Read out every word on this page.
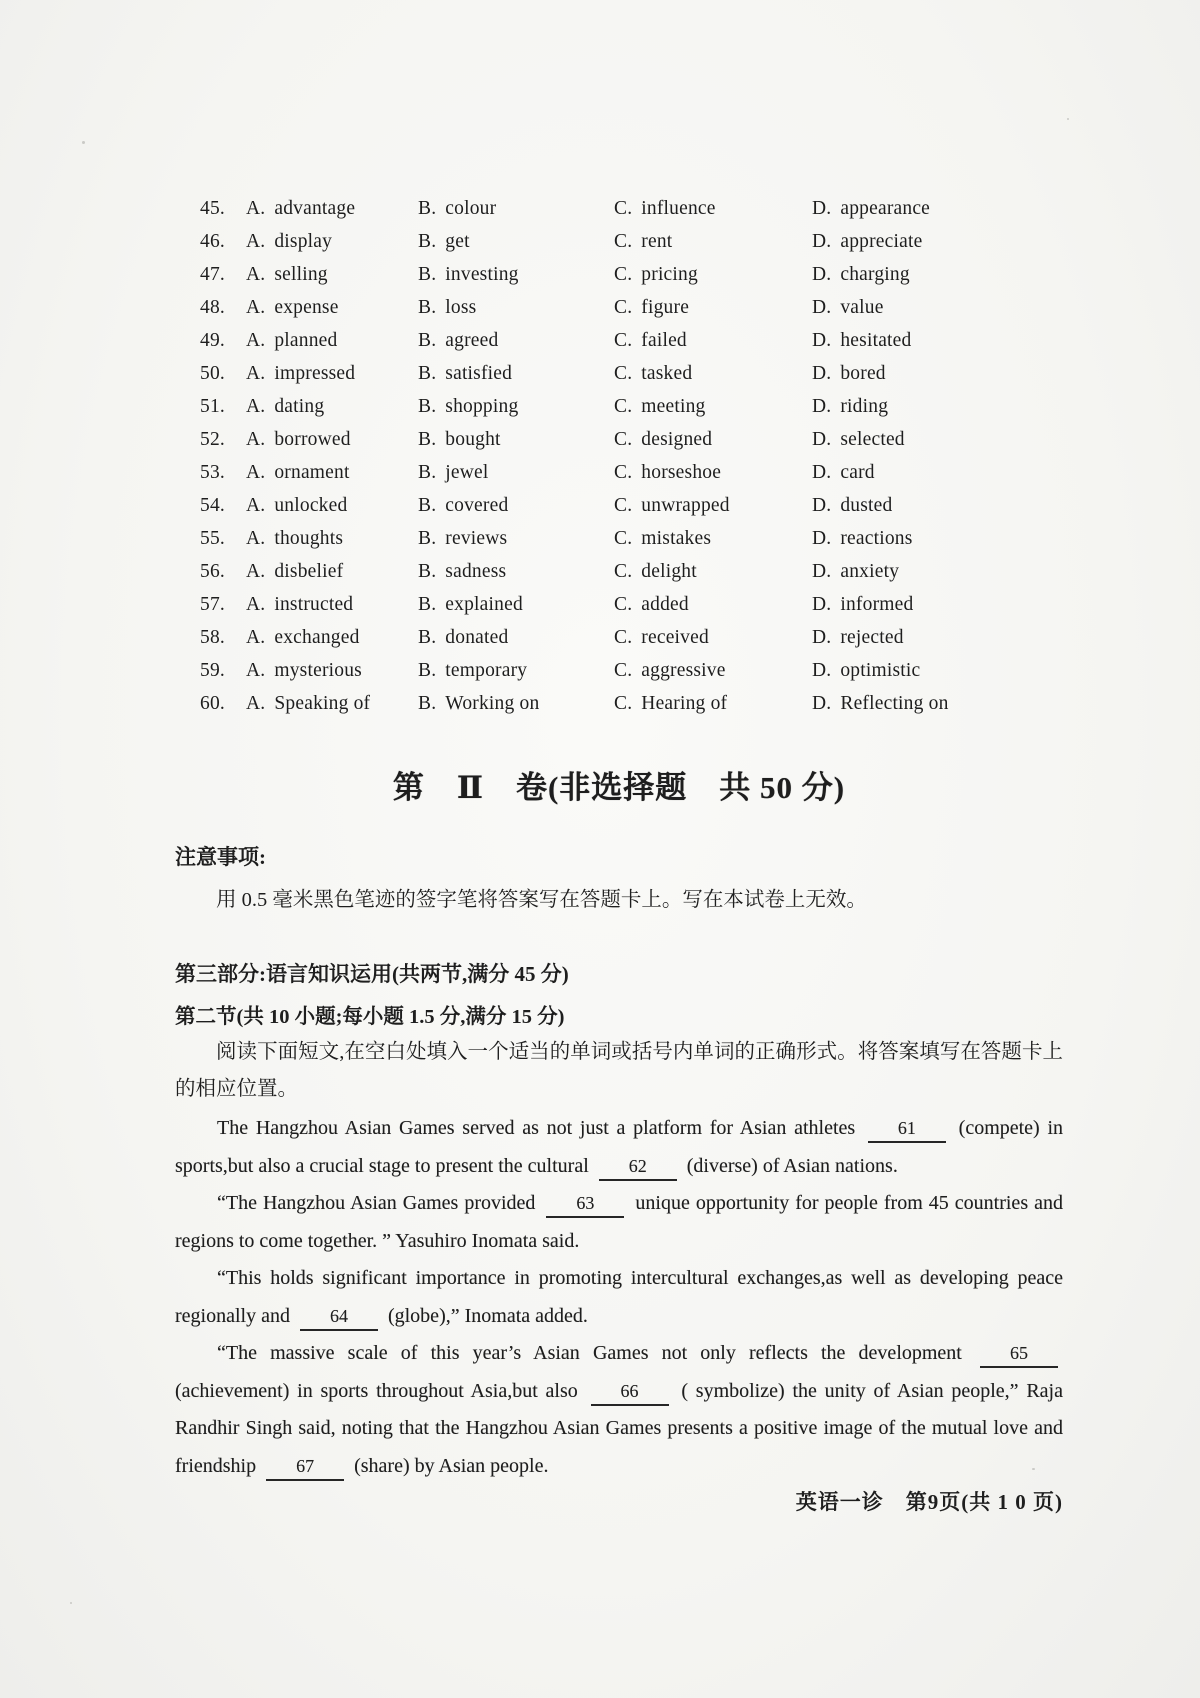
45.	A. advantage	B. colour	C. influence	D. appearance
46.	A. display	B. get	C. rent	D. appreciate
47.	A. selling	B. investing	C. pricing	D. charging
48.	A. expense	B. loss	C. figure	D. value
49.	A. planned	B. agreed	C. failed	D. hesitated
50.	A. impressed	B. satisfied	C. tasked	D. bored
51.	A. dating	B. shopping	C. meeting	D. riding
52.	A. borrowed	B. bought	C. designed	D. selected
53.	A. ornament	B. jewel	C. horseshoe	D. card
54.	A. unlocked	B. covered	C. unwrapped	D. dusted
55.	A. thoughts	B. reviews	C. mistakes	D. reactions
56.	A. disbelief	B. sadness	C. delight	D. anxiety
57.	A. instructed	B. explained	C. added	D. informed
58.	A. exchanged	B. donated	C. received	D. rejected
59.	A. mysterious	B. temporary	C. aggressive	D. optimistic
60.	A. Speaking of	B. Working on	C. Hearing of	D. Reflecting on
第　Ⅱ　卷(非选择题　共 50 分)
注意事项:
用 0.5 毫米黑色笔迹的签字笔将答案写在答题卡上。写在本试卷上无效。
第三部分:语言知识运用(共两节,满分 45 分)
第二节(共 10 小题;每小题 1.5 分,满分 15 分)
阅读下面短文,在空白处填入一个适当的单词或括号内单词的正确形式。将答案填写在答题卡上的相应位置。

The Hangzhou Asian Games served as not just a platform for Asian athletes 61 (compete) in sports,but also a crucial stage to present the cultural 62 (diverse) of Asian nations.

“The Hangzhou Asian Games provided 63 unique opportunity for people from 45 countries and regions to come together. ” Yasuhiro Inomata said.

“This holds significant importance in promoting intercultural exchanges,as well as developing peace regionally and 64 (globe),” Inomata added.

“The massive scale of this year’s Asian Games not only reflects the development 65 (achievement) in sports throughout Asia,but also 66 ( symbolize) the unity of Asian people,” Raja Randhir Singh said, noting that the Hangzhou Asian Games presents a positive image of the mutual love and friendship 67 (share) by Asian people.

英语一诊　第9页(共 1 0 页)
